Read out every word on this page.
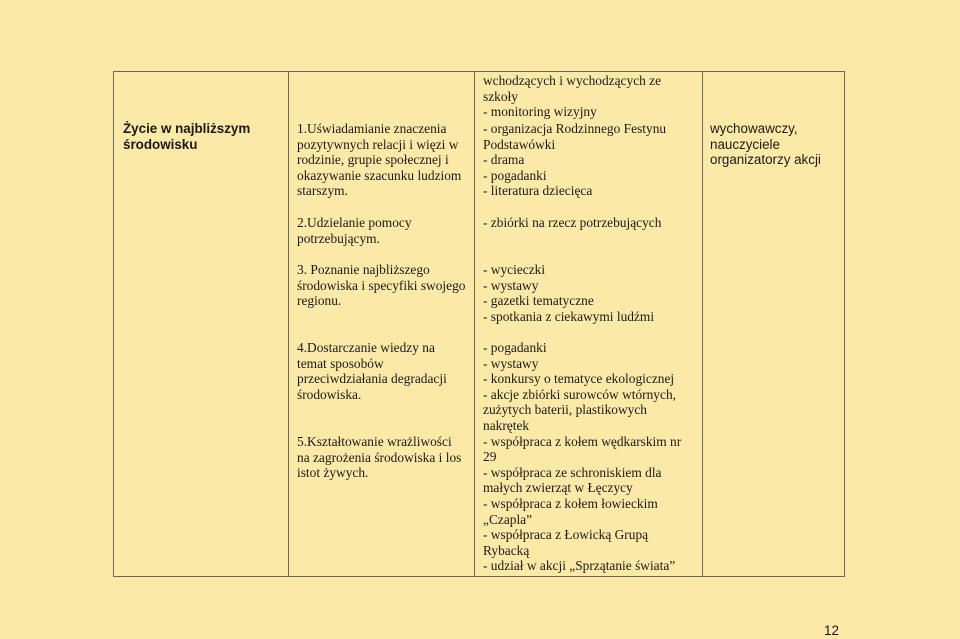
Życie w najbliższym
środowisku

1.Uświadamianie znaczenia
pozytywnych relacji i więzi w
rodzinie, grupie społecznej i
okazywanie szacunku ludziom
starszym.

2.Udzielanie pomocy
potrzebującym.

3. Poznanie najbliższego
środowiska i specyfiki swojego
regionu.

4.Dostarczanie wiedzy na
temat sposobów
przeciwdziałania degradacji
środowiska.

5.Kształtowanie wrażliwości
na zagrożenia środowiska i los
istot żywych.

wchodzących i wychodzących ze
szkoły
- monitoring wizyjny

- organizacja Rodzinnego Festynu
Podstawówki
- drama
- pogadanki
- literatura dziecięca

- zbiórki na rzecz potrzebujących

- wycieczki
- wystawy
- gazetki tematyczne
- spotkania z ciekawymi ludźmi

- pogadanki
- wystawy
- konkursy o tematyce ekologicznej
- akcje zbiórki surowców wtórnych,
zużytych baterii, plastikowych
nakrętek
- współpraca z kołem wędkarskim nr
29
- współpraca ze schroniskiem dla
małych zwierząt w Łęczycy
- współpraca z kołem łowieckim
„Czapla”
- współpraca z Łowicką Grupą
Rybacką
- udział w akcji „Sprzątanie świata”

wychowawczy,
nauczyciele
organizatorzy akcji

12
